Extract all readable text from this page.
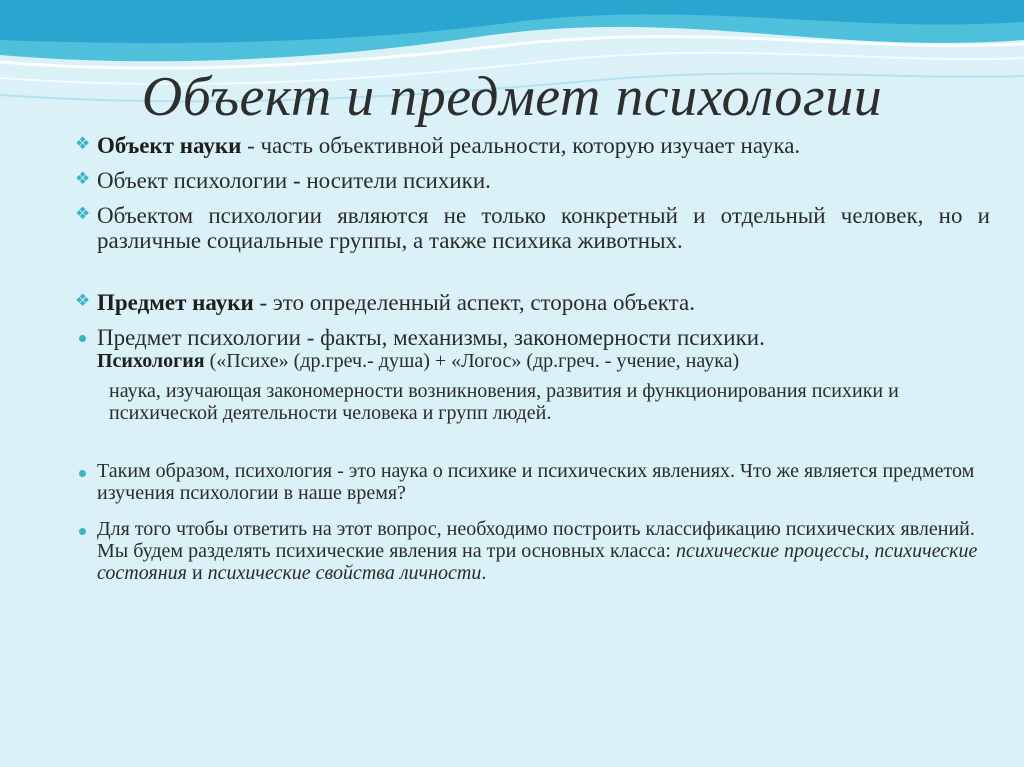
Объект и предмет психологии
❖ Объект науки - часть объективной реальности, которую изучает наука.
❖ Объект психологии - носители психики.
❖ Объектом психологии являются не только конкретный и отдельный человек, но и различные социальные группы, а также психика животных.
❖ Предмет науки - это определенный аспект, сторона объекта.
Предмет психологии - факты, механизмы, закономерности психики.
Психология («Психе» (др.греч.- душа) + «Логос» (др.греч. - учение, наука)
наука, изучающая закономерности возникновения, развития и функционирования психики и психической деятельности человека и групп людей.
Таким образом, психология - это наука о психике и психических явлениях. Что же является предметом изучения психологии в наше время?
Для того чтобы ответить на этот вопрос, необходимо построить классификацию психических явлений. Мы будем разделять психические явления на три основных класса: психические процессы, психические состояния и психические свойства личности.
